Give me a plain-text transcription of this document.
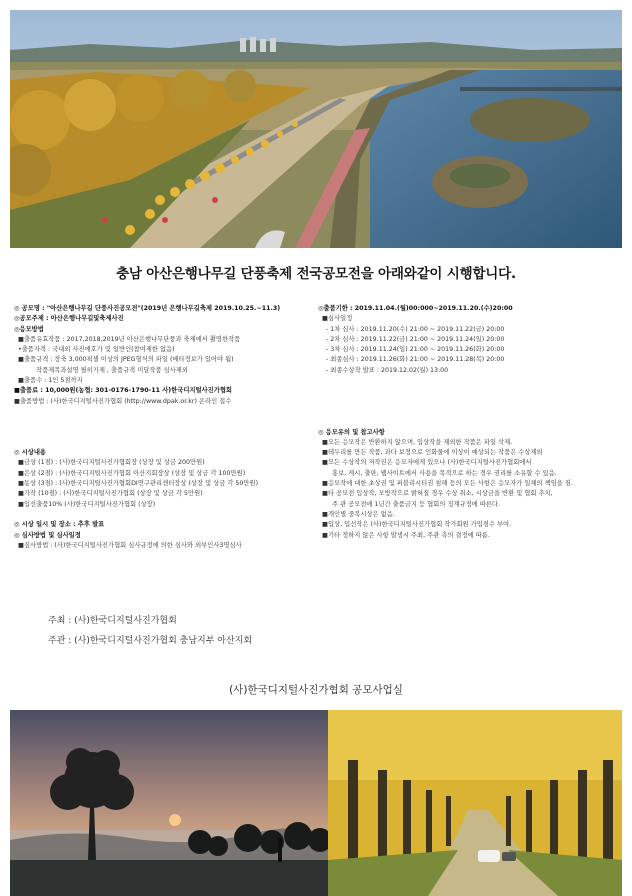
충남 아산은행나무길 단풍축제 전국공모전을 아래와같이 시행합니다.
◎ 공모명 : "아산은행나무길 단풍사진공모전"(2019년 은행나무길축제 2019.10.25.~11.3)
◎공모주제 : 아산은행나무길및축제사진
◎응모방법
■출품유효작품 : 2017,2018,2019년 아산은행나무단풍과 축제에서 촬영한작품
•출품자격 : 국내외 사진애호가 및 일반인(참여제한 없음)
■출품규격 : 장축 3,000픽셀 이상의 JPEG형식의 파일 (메타정보가 있어야 됨)
작품제목과설명 필히기재 , 출품규격 미달작품 심사제외
■출품수 : 1인 5점까지
■출품료 : 10,000원(농협: 301-0176-1790-11 사)한국디지털사진가협회
■출품방법 : (사)한국디지털사진가협회 (http://www.dpak.or.kr) 온라인 접수
◎ 시상내용
■금상 (1점) : (사)한국디지털사진가협회장 (상장 및 상금 200만원)
■은상 (2점) : (사)한국디지털사진가협회 아산지회장상 (상장 및 상금 각 100만원)
■동상 (3점) : (사)한국디지털사진가협회DI연구관리센터장상 (상장 및 상금 각 50만원)
■가작 (10점) : (사)한국디지털사진가협회 (상장 및 상금 각 5만원)
■입선출품10% (사)한국디지털사진가협회 (상장)
◎ 시상 일시 및 장소 : 추후 발표
◎ 심사방법 및 심사일정
■심사방법 : (사)한국디지털사진가협회 심사규정에 의한 심사와 외부인사3명심사
◎출품기한 : 2019.11.04.(월)00:000~2019.11.20.(수)20:00
■심사일정
- 1차 심사 : 2019.11.20(수) 21:00 ~ 2019.11.22(금) 20:00
- 2차 심사 : 2019.11.22(금) 21:00 ~ 2019.11.24(일) 20:00
- 3차 심사 : 2019.11.24(일) 21:00 ~ 2019.11.26(화) 20:00
- 최종심사 : 2019.11.26(화) 21:00 ~ 2019.11.28(목) 20:00
- 최종수상작 발표 : 2019.12.02(월) 13:00
◎ 응모유의 및 참고사항
■모든 응모작은 반환하지 않으며, 입상작을 제외한 작품은 파일 삭제.
■테두리를 만든 작품, 과다 보정으로 인화물에 이상이 예상되는 작품은 수상제외
■모든 수상작의 저작권은 응모자에게 있으나 (사)한국디지털사진가협회에서
홍보, 게시, 출판, 웹사이트에서 사용을 목적으로 하는 경우 권리를 소유할 수 있음.
■응모작에 대한 초상권 및 퍼블리시티권 침해 등의 모든 사항은 응모자가 일체의 책임을 짐.
■타 공모전 입상작, 모방작으로 밝혀질 경우 수상 취소, 시상금을 반환 및 협회 추치,
주 관 공모전에 1년간 출품금지 등 협회의 징계규정에 따른다.
■개인별 중복시상은 없음.
■입상, 입선작은 (사)한국디지털사진가협회 작가회원 가입점수 부여.
■기타 정하지 않은 사항 발생시 주최, 주관 측의 결정에 따름.
주최 : (사)한국디지털사진가협회
주관 : (사)한국디지털사진가협회 충남지부 아산지회
(사)한국디지털사진가협회 공모사업실
